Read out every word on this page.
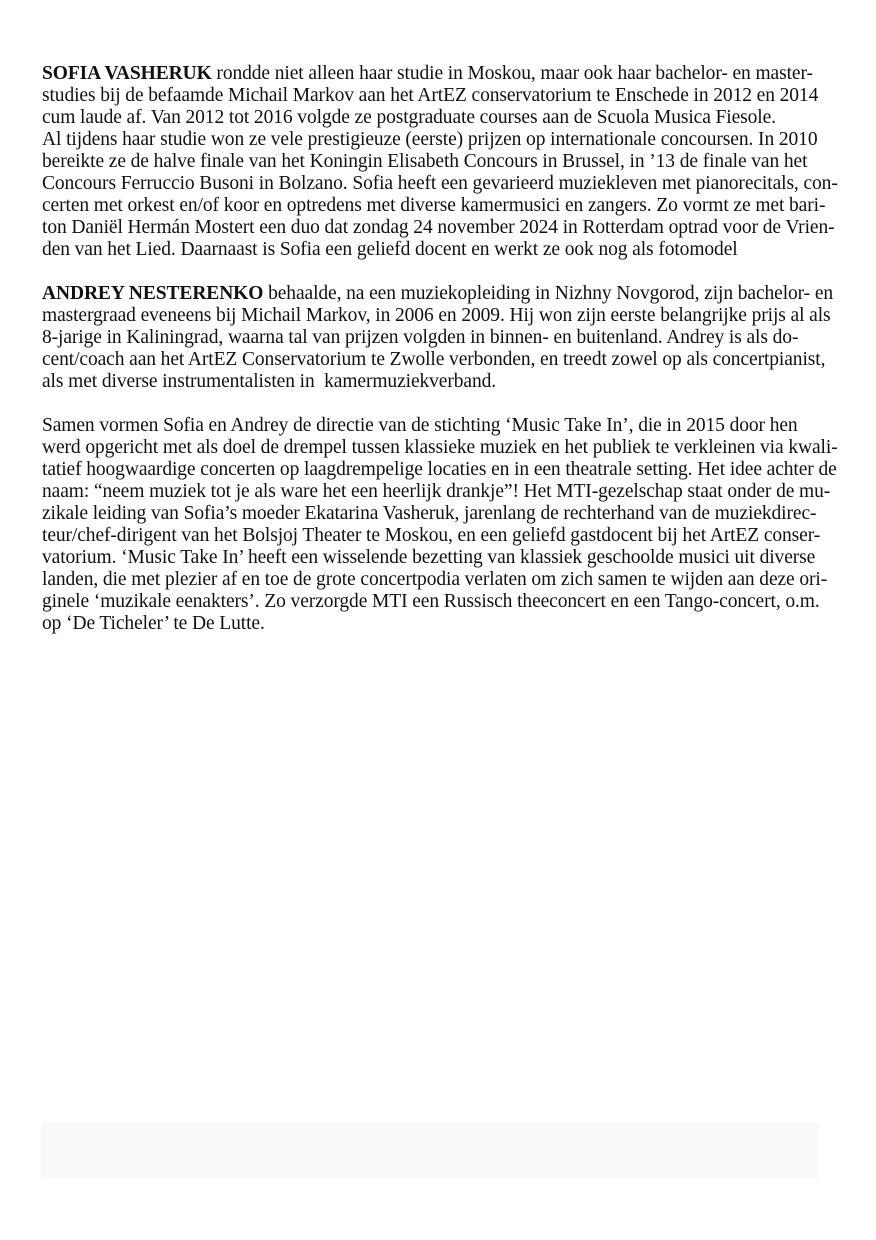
SOFIA VASHERUK rondde niet alleen haar studie in Moskou, maar ook haar bachelor- en master-
studies bij de befaamde Michail Markov aan het ArtEZ conservatorium te Enschede in 2012 en 2014
cum laude af. Van 2012 tot 2016 volgde ze postgraduate courses aan de Scuola Musica Fiesole.
Al tijdens haar studie won ze vele prestigieuze (eerste) prijzen op internationale concoursen. In 2010
bereikte ze de halve finale van het Koningin Elisabeth Concours in Brussel, in ’13 de finale van het
Concours Ferruccio Busoni in Bolzano. Sofia heeft een gevarieerd muziekleven met pianorecitals, con-
certen met orkest en/of koor en optredens met diverse kamermusici en zangers. Zo vormt ze met bari-
ton Daniël Hermán Mostert een duo dat zondag 24 november 2024 in Rotterdam optrad voor de Vrien-
den van het Lied. Daarnaast is Sofia een geliefd docent en werkt ze ook nog als fotomodel
ANDREY NESTERENKO behaalde, na een muziekopleiding in Nizhny Novgorod, zijn bachelor- en
mastergraad eveneens bij Michail Markov, in 2006 en 2009. Hij won zijn eerste belangrijke prijs al als
8-jarige in Kaliningrad, waarna tal van prijzen volgden in binnen- en buitenland. Andrey is als do-
cent/coach aan het ArtEZ Conservatorium te Zwolle verbonden, en treedt zowel op als concertpianist,
als met diverse instrumentalisten in  kamermuziekverband.
Samen vormen Sofia en Andrey de directie van de stichting ‘Music Take In’, die in 2015 door hen
werd opgericht met als doel de drempel tussen klassieke muziek en het publiek te verkleinen via kwali-
tatief hoogwaardige concerten op laagdrempelige locaties en in een theatrale setting. Het idee achter de
naam: “neem muziek tot je als ware het een heerlijk drankje”! Het MTI-gezelschap staat onder de mu-
zikale leiding van Sofia’s moeder Ekatarina Vasheruk, jarenlang de rechterhand van de muziekdirec-
teur/chef-dirigent van het Bolsjoj Theater te Moskou, en een geliefd gastdocent bij het ArtEZ conser-
vatorium. ‘Music Take In’ heeft een wisselende bezetting van klassiek geschoolde musici uit diverse
landen, die met plezier af en toe de grote concertpodia verlaten om zich samen te wijden aan deze ori-
ginele ‘muzikale eenakters’. Zo verzorgde MTI een Russisch theeconcert en een Tango-concert, o.m.
op ‘De Ticheler’ te De Lutte.
